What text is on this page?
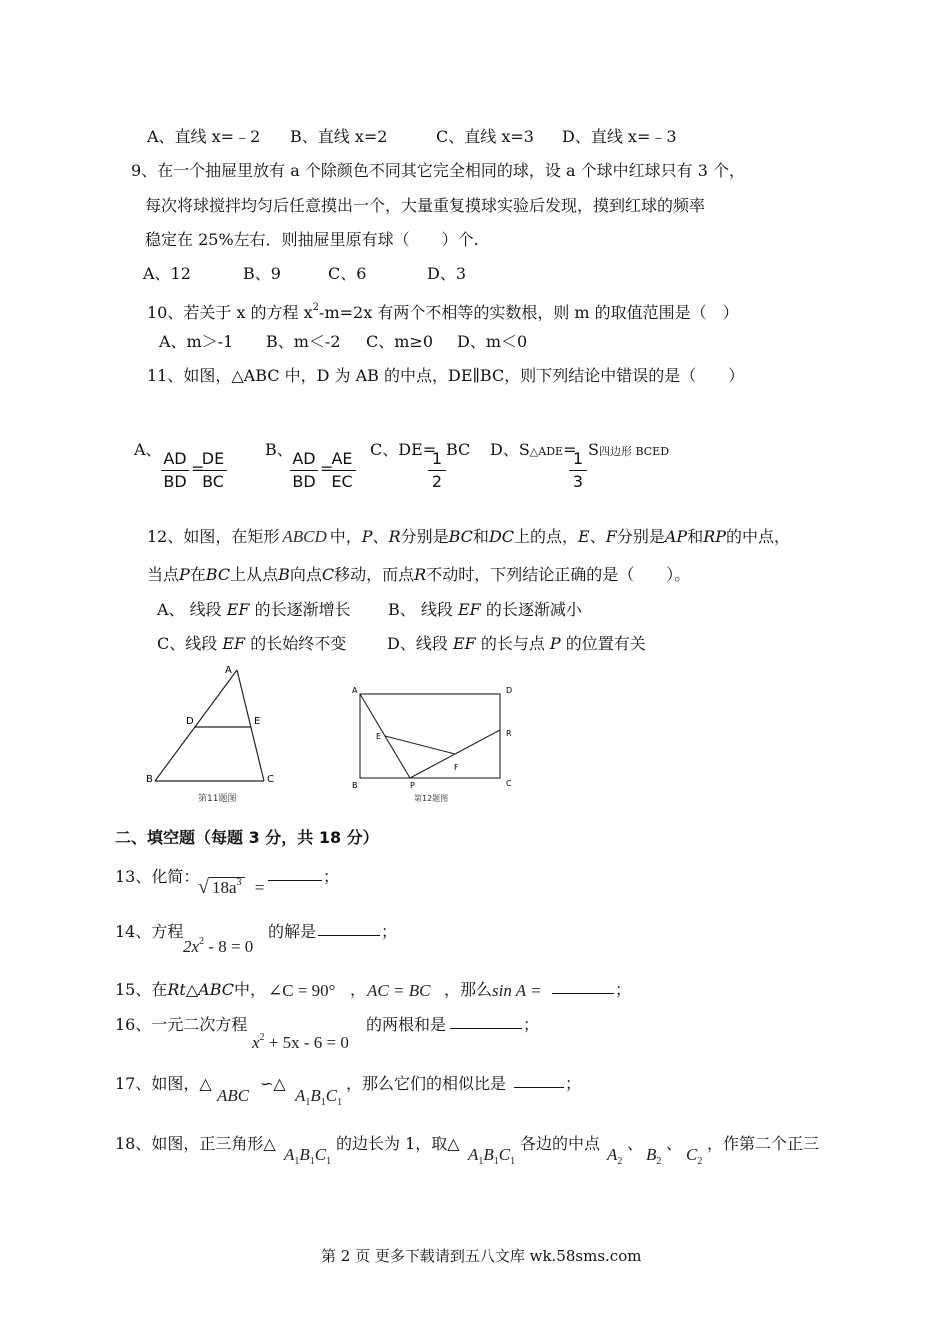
A、直线 x=﹣2 B、直线 x=2	C、直线 x=3 D、直线 x=﹣3
9、在一个抽屉里放有 a 个除颜色不同其它完全相同的球，设 a 个球中红球只有 3 个，
每次将球搅拌均匀后任意摸出一个，大量重复摸球实验后发现，摸到红球的频率
稳定在 25%左右．则抽屉里原有球（　　）个.
A、12	B、9	C、6	D、3
10、若关于 x 的方程 $x^2-m=2x$ 有两个不相等的实数根，则 m 的取值范围是（　）
A、m＞-1 B、m＜-2 C、m≥0 D、m＜0
11、如图，△ABC 中，D 为 AB 的中点，DE∥BC，则下列结论中错误的是（　　）
A、 AD
BD
=
DE
BC
B、 AD
BD
=
AE
EC
C、DE=
1
2
BC D、S△ADE=
1
3
S四边形 BCED
12、如图，在矩形 ABCD 中，P、R分别是BC和DC上的点，E、F分别是AP和RP的中点，
当点P在BC上从点B向点C移动，而点R不动时，下列结论正确的是（　　）。
A、 线段 EF 的长逐渐增长 B、 线段 EF 的长逐渐减小
C、线段 EF 的长始终不变	D、线段 EF 的长与点 P 的位置有关
A
D	E
B	C
第11题图
A	D
E	R
F
B	P	C
第12题图
二、填空题（每题 3 分，共 18 分）
13、化简：
√ $18a^3$ =
；
14、方程
$2x^2 - 8 = 0$
的解是	；
15、在Rt△ABC中， ∠C = 90° ， AC = BC ，那么 sin A =	；
16、一元二次方程
$x^2 + 5x - 6 = 0$
的两根和是	；
17、如图，△
ABC
∽△
$A_1B_1C_1$
，那么它们的相似比是	；
18、如图，正三角形△
$A_1B_1C_1$
的边长为 1，取△
$A_1B_1C_1$
各边的中点
$A_2$
、
$B_2$
、
$C_2$
，作第二个正三
第 2 页 更多下载请到五八文库 wk.58sms.com
